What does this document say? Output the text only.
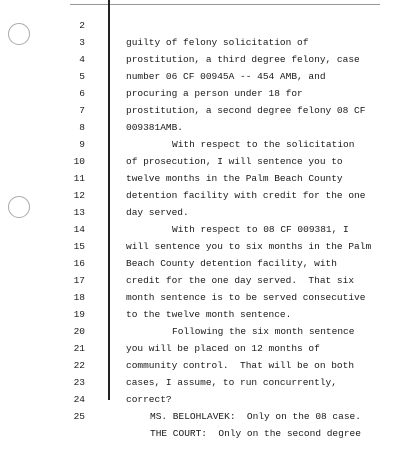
2

guilty of felony solicitation of

3

prostitution, a third degree felony, case

4

number 06 CF 00945A -- 454 AMB, and

5

procuring a person under 18 for

6

prostitution, a second degree felony 08 CF

7

009381AMB.

8

With respect to the solicitation

9

of prosecution, I will sentence you to

10

twelve months in the Palm Beach County

11

detention facility with credit for the one

12

day served.

13

With respect to 08 CF 009381, I

14

will sentence you to six months in the Palm

15

Beach County detention facility, with

16

credit for the one day served.  That six

17

month sentence is to be served consecutive

18

to the twelve month sentence.

19

Following the six month sentence

20

you will be placed on 12 months of

21

community control.  That will be on both

22

cases, I assume, to run concurrently,

23

correct?

24

MS. BELOHLAVEK:  Only on the 08 case.

25

THE COURT:  Only on the second degree
